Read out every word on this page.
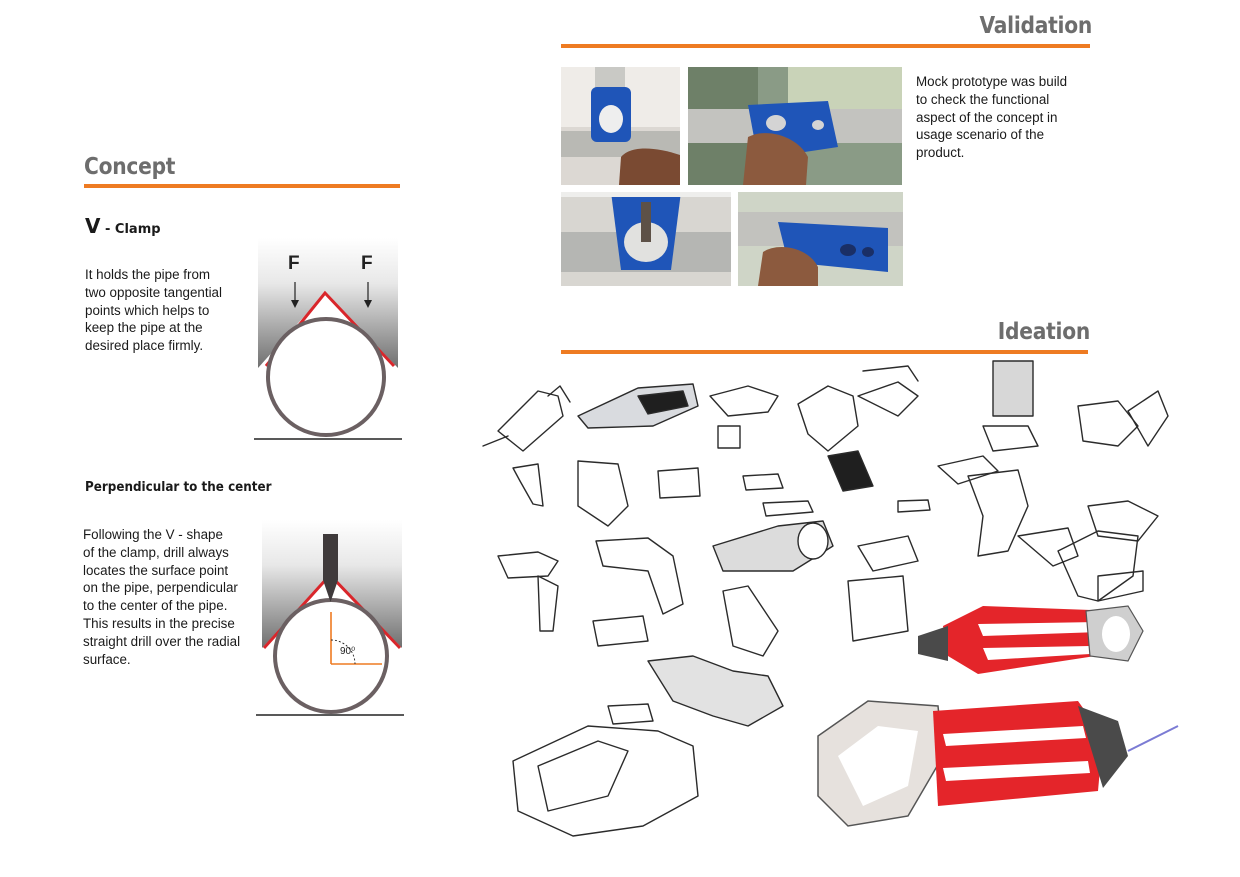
Concept
V - Clamp
It holds the pipe from
two opposite tangential
points which helps to
keep the pipe at the
desired place firmly.
F	F
Perpendicular to the center
Following the V - shape
of the clamp, drill always
locates the surface point
on the pipe, perpendicular
to the center of the pipe.
This results in the precise
straight drill over the radial
surface.
90⁰
Validation
Mock prototype was build
to check the functional
aspect of the concept in
usage scenario of the
product.
Ideation
